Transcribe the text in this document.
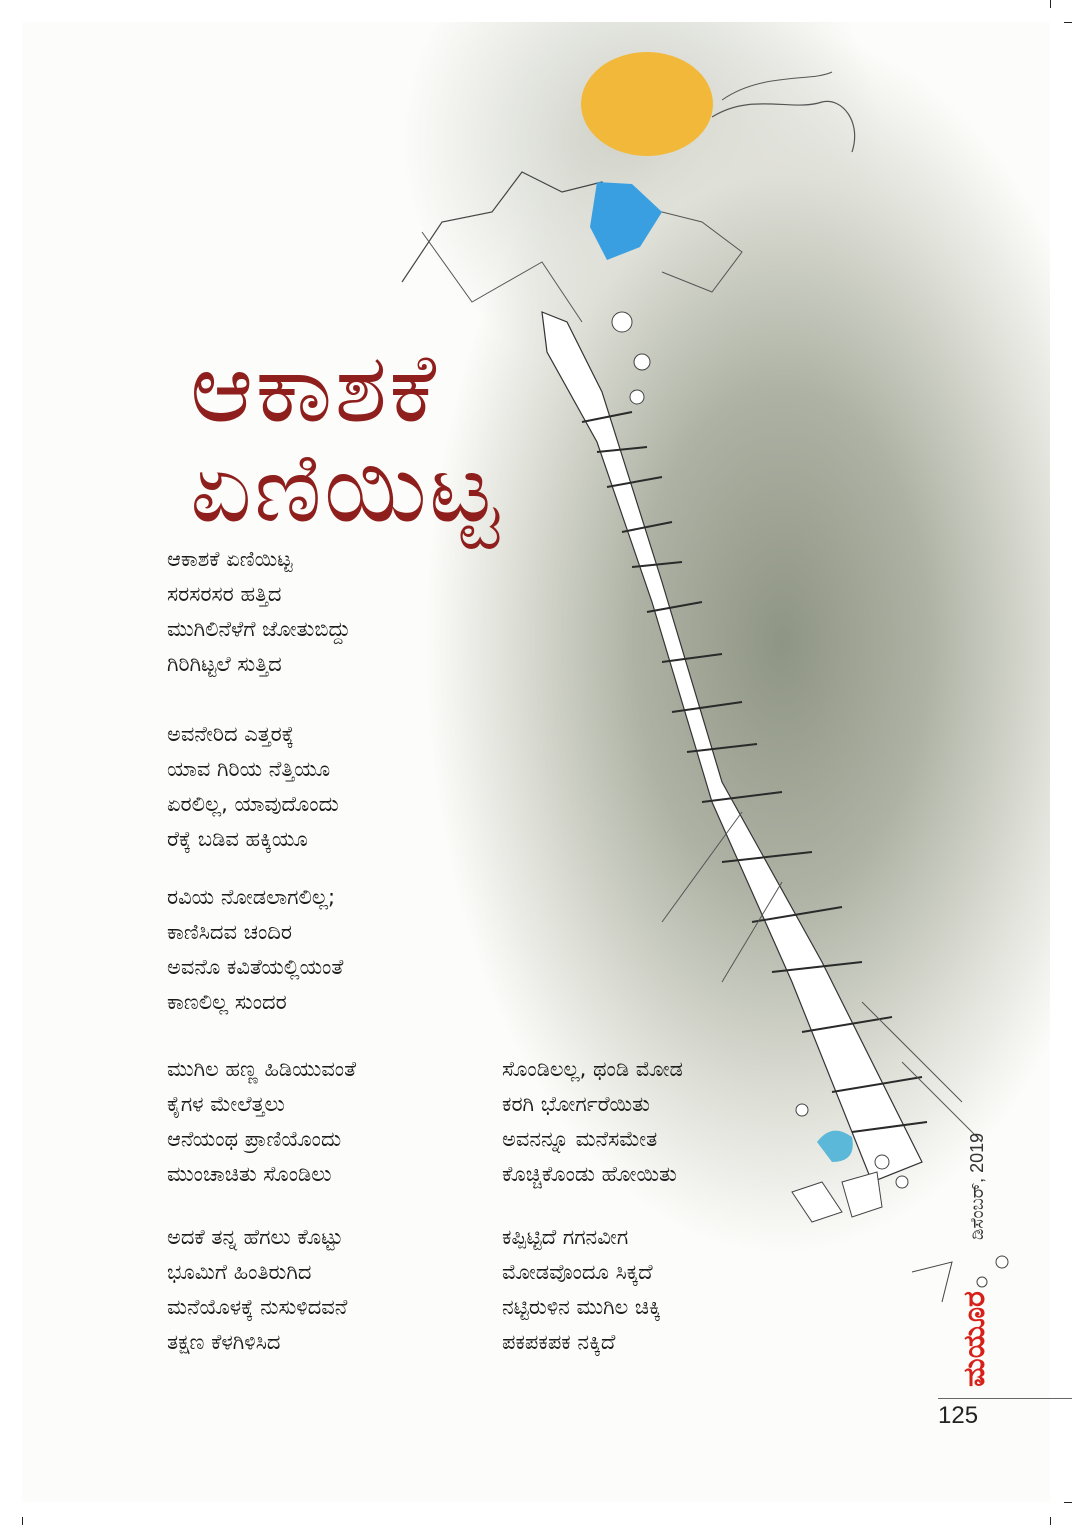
ಆಕಾಶಕೆ
ಏಣಿಯಿಟ್ಟ
ಆಕಾಶಕೆ ಏಣಿಯಿಟ್ಟ
ಸರಸರಸರ ಹತ್ತಿದ
ಮುಗಿಲಿನೆಳೆಗೆ ಜೋತುಬಿದ್ದು
ಗಿರಿಗಿಟ್ಟಲೆ ಸುತ್ತಿದ
ಅವನೇರಿದ ಎತ್ತರಕ್ಕೆ
ಯಾವ ಗಿರಿಯ ನೆತ್ತಿಯೂ
ಏರಲಿಲ್ಲ, ಯಾವುದೊಂದು
ರೆಕ್ಕೆ ಬಡಿವ ಹಕ್ಕಿಯೂ
ರವಿಯ ನೋಡಲಾಗಲಿಲ್ಲ;
ಕಾಣಿಸಿದವ ಚಂದಿರ
ಅವನೊ ಕವಿತೆಯಲ್ಲಿಯಂತೆ
ಕಾಣಲಿಲ್ಲ ಸುಂದರ
ಮುಗಿಲ ಹಣ್ಣ ಹಿಡಿಯುವಂತೆ
ಕೈಗಳ ಮೇಲೆತ್ತಲು
ಆನೆಯಂಥ ಪ್ರಾಣಿಯೊಂದು
ಮುಂಚಾಚಿತು ಸೊಂಡಿಲು
ಅದಕೆ ತನ್ನ ಹೆಗಲು ಕೊಟ್ಟು
ಭೂಮಿಗೆ ಹಿಂತಿರುಗಿದ
ಮನೆಯೊಳಕ್ಕೆ ನುಸುಳಿದವನೆ
ತಕ್ಷಣ ಕೆಳಗಿಳಿಸಿದ
ಸೊಂಡಿಲಲ್ಲ, ಥಂಡಿ ಮೋಡ
ಕರಗಿ ಭೋರ್ಗರೆಯಿತು
ಅವನನ್ನೂ ಮನೆಸಮೇತ
ಕೊಚ್ಚಿಕೊಂಡು ಹೋಯಿತು
ಕಪ್ಪಿಟ್ಟಿದೆ ಗಗನವೀಗ
ಮೋಡವೊಂದೂ ಸಿಕ್ಕದೆ
ನಟ್ಟಿರುಳಿನ ಮುಗಿಲ ಚಿಕ್ಕಿ
ಪಕಪಕಪಕ ನಕ್ಕಿದೆ
ಡಿಸೆಂಬರ್, 2019
ಮಯೂರ
125
